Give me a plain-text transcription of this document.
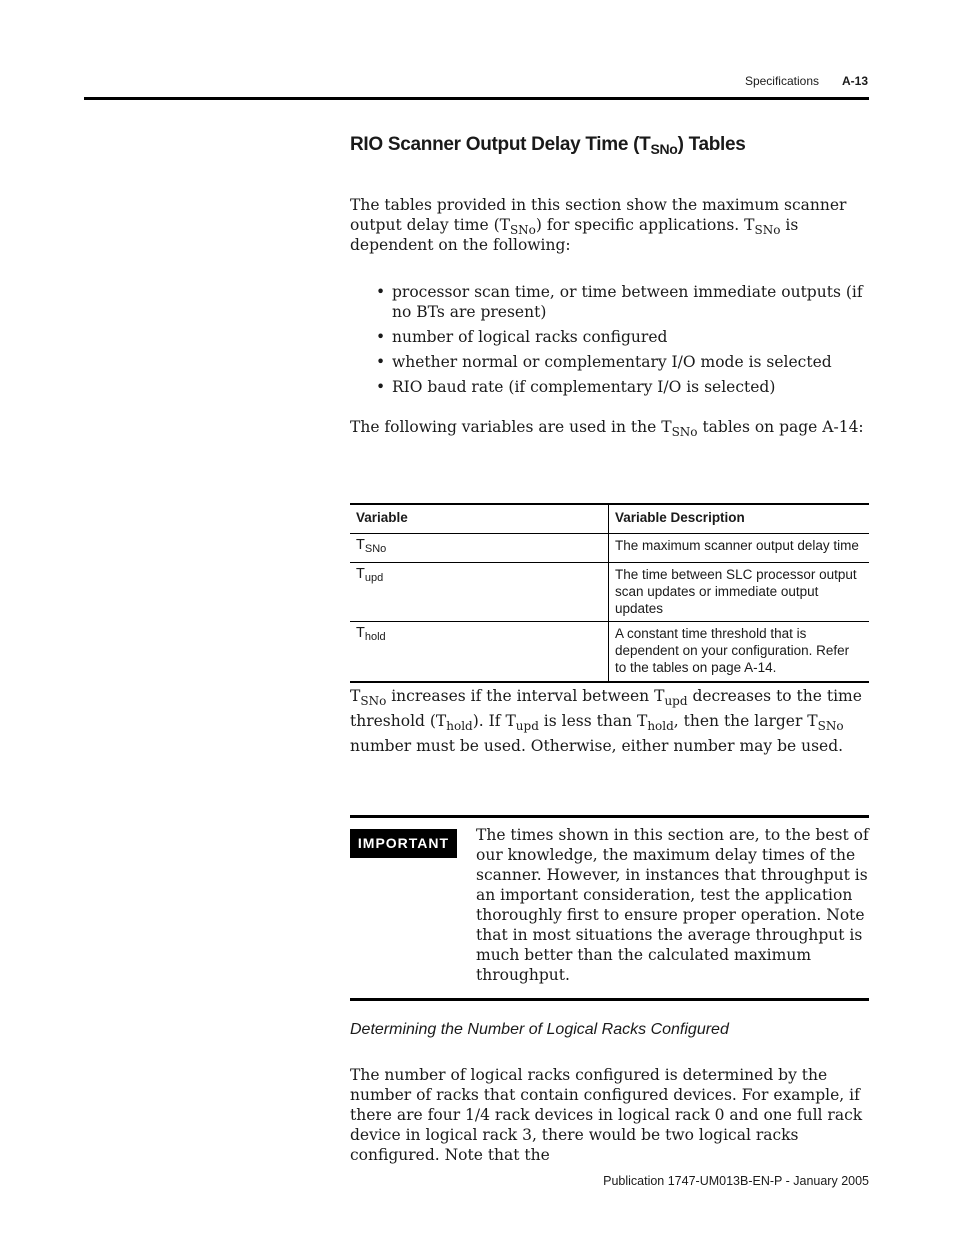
Specifications A-13
RIO Scanner Output Delay Time $(T_{SNo})$ Tables
The tables provided in this section show the maximum scanner output delay time $(T_{SNo})$ for specific applications. $T_{SNo}$ is dependent on the following:
• processor scan time, or time between immediate outputs (if no BTs are present)
• number of logical racks configured
• whether normal or complementary I/O mode is selected
• RIO baud rate (if complementary I/O is selected)
The following variables are used in the $T_{SNo}$ tables on page A-14:
Variable	Variable Description
$T_{SNo}$	The maximum scanner output delay time
$T_{upd}$	The time between SLC processor output scan updates or immediate output updates
$T_{hold}$	A constant time threshold that is dependent on your configuration. Refer to the tables on page A-14.
$T_{SNo}$ increases if the interval between $T_{upd}$ decreases to the time threshold $(T_{hold})$. If $T_{upd}$ is less than $T_{hold}$, then the larger $T_{SNo}$ number must be used. Otherwise, either number may be used.
IMPORTANT	The times shown in this section are, to the best of our knowledge, the maximum delay times of the scanner. However, in instances that throughput is an important consideration, test the application thoroughly first to ensure proper operation. Note that in most situations the average throughput is much better than the calculated maximum throughput.
Determining the Number of Logical Racks Configured
The number of logical racks configured is determined by the number of racks that contain configured devices. For example, if there are four 1/4 rack devices in logical rack 0 and one full rack device in logical rack 3, there would be two logical racks configured. Note that the
Publication 1747-UM013B-EN-P - January 2005
